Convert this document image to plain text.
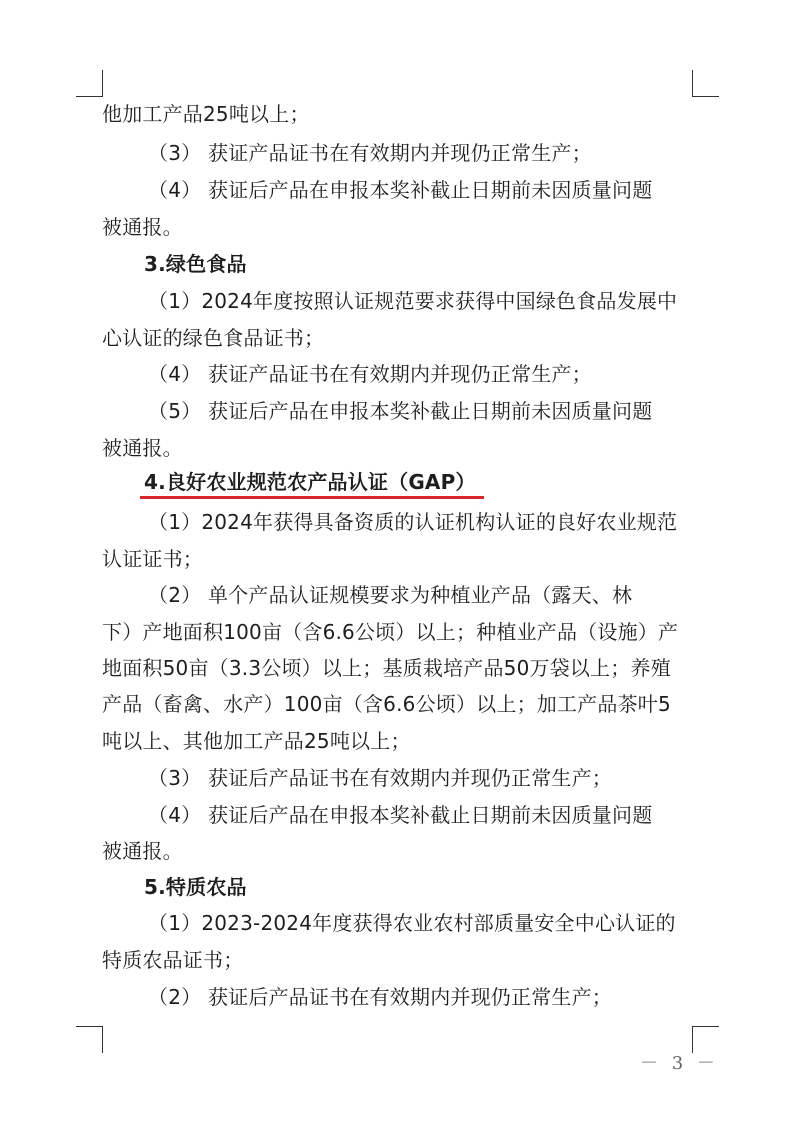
他加工产品25吨以上；
（3） 获证产品证书在有效期内并现仍正常生产；
（4） 获证后产品在申报本奖补截止日期前未因质量问题
被通报。
3.绿色食品
（1）2024年度按照认证规范要求获得中国绿色食品发展中
心认证的绿色食品证书；
（4） 获证产品证书在有效期内并现仍正常生产；
（5） 获证后产品在申报本奖补截止日期前未因质量问题
被通报。
4.良好农业规范农产品认证（GAP）
（1）2024年获得具备资质的认证机构认证的良好农业规范
认证证书；
（2） 单个产品认证规模要求为种植业产品（露天、林
下）产地面积100亩（含6.6公顷）以上；种植业产品（设施）产
地面积50亩（3.3公顷）以上；基质栽培产品50万袋以上；养殖
产品（畜禽、水产）100亩（含6.6公顷）以上；加工产品茶叶5
吨以上、其他加工产品25吨以上；
（3） 获证后产品证书在有效期内并现仍正常生产；
（4） 获证后产品在申报本奖补截止日期前未因质量问题
被通报。
5.特质农品
（1）2023-2024年度获得农业农村部质量安全中心认证的
特质农品证书；
（2） 获证后产品证书在有效期内并现仍正常生产；
－ 3 －
